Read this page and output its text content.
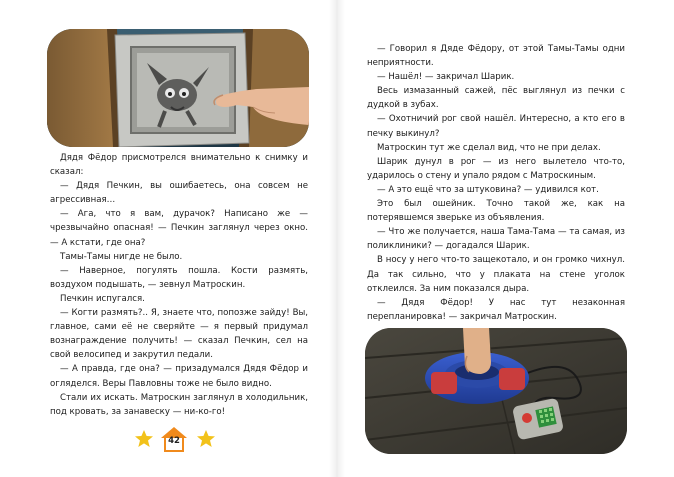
Дядя Фёдор присмотрелся внимательно к снимку и сказал:

— Дядя Печкин, вы ошибаетесь, она совсем не агрессивная…

— Ага, что я вам, дурачок? Написано же — чрезвычайно опасная! — Печкин заглянул через окно. — А кстати, где она?

Тамы-Тамы нигде не было.

— Наверное, погулять пошла. Кости размять, воздухом подышать, — зевнул Матроскин.

Печкин испугался.

— Когти размять?.. Я, знаете что, попозже зайду! Вы, главное, сами её не сверяйте — я первый придумал вознаграждение получить! — сказал Печкин, сел на свой велосипед и закрутил педали.

— А правда, где она? — призадумался Дядя Фёдор и огляделся. Веры Павловны тоже не было видно.

Стали их искать. Матроскин заглянул в холодильник, под кровать, за занавеску — ни-ко-го!

42

— Говорил я Дяде Фёдору, от этой Тамы-Тамы одни неприятности.

— Нашёл! — закричал Шарик.

Весь измазанный сажей, пёс выглянул из печки с дудкой в зубах.

— Охотничий рог свой нашёл. Интересно, а кто его в печку выкинул?

Матроскин тут же сделал вид, что не при делах.

Шарик дунул в рог — из него вылетело что-то, ударилось о стену и упало рядом с Матроскиным.

— А это ещё что за штуковина? — удивился кот.

Это был ошейник. Точно такой же, как на потерявшемся зверьке из объявления.

— Что же получается, наша Тама-Тама — та самая, из поликлиники? — догадался Шарик.

В носу у него что-то защекотало, и он громко чихнул. Да так сильно, что у плаката на стене уголок отклеился. За ним показался дыра.

— Дядя Фёдор! У нас тут незаконная перепланировка! — закричал Матроскин.
